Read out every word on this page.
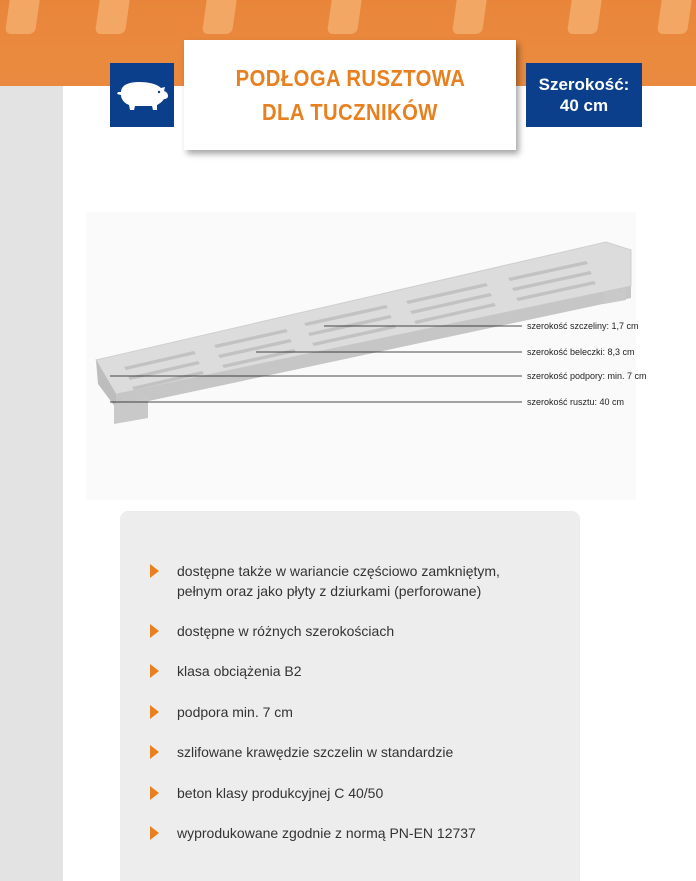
PODŁOGA RUSZTOWA
DLA TUCZNIKÓW
Szerokość:
40 cm
szerokość szczeliny: 1,7 cm
szerokość beleczki: 8,3 cm
szerokość podpory: min. 7 cm
szerokość rusztu: 40 cm
dostępne także w wariancie częściowo zamkniętym, pełnym oraz jako płyty z dziurkami (perforowane)
dostępne w różnych szerokościach
klasa obciążenia B2
podpora min. 7 cm
szlifowane krawędzie szczelin w standardzie
beton klasy produkcyjnej C 40/50
wyprodukowane zgodnie z normą PN-EN 12737
